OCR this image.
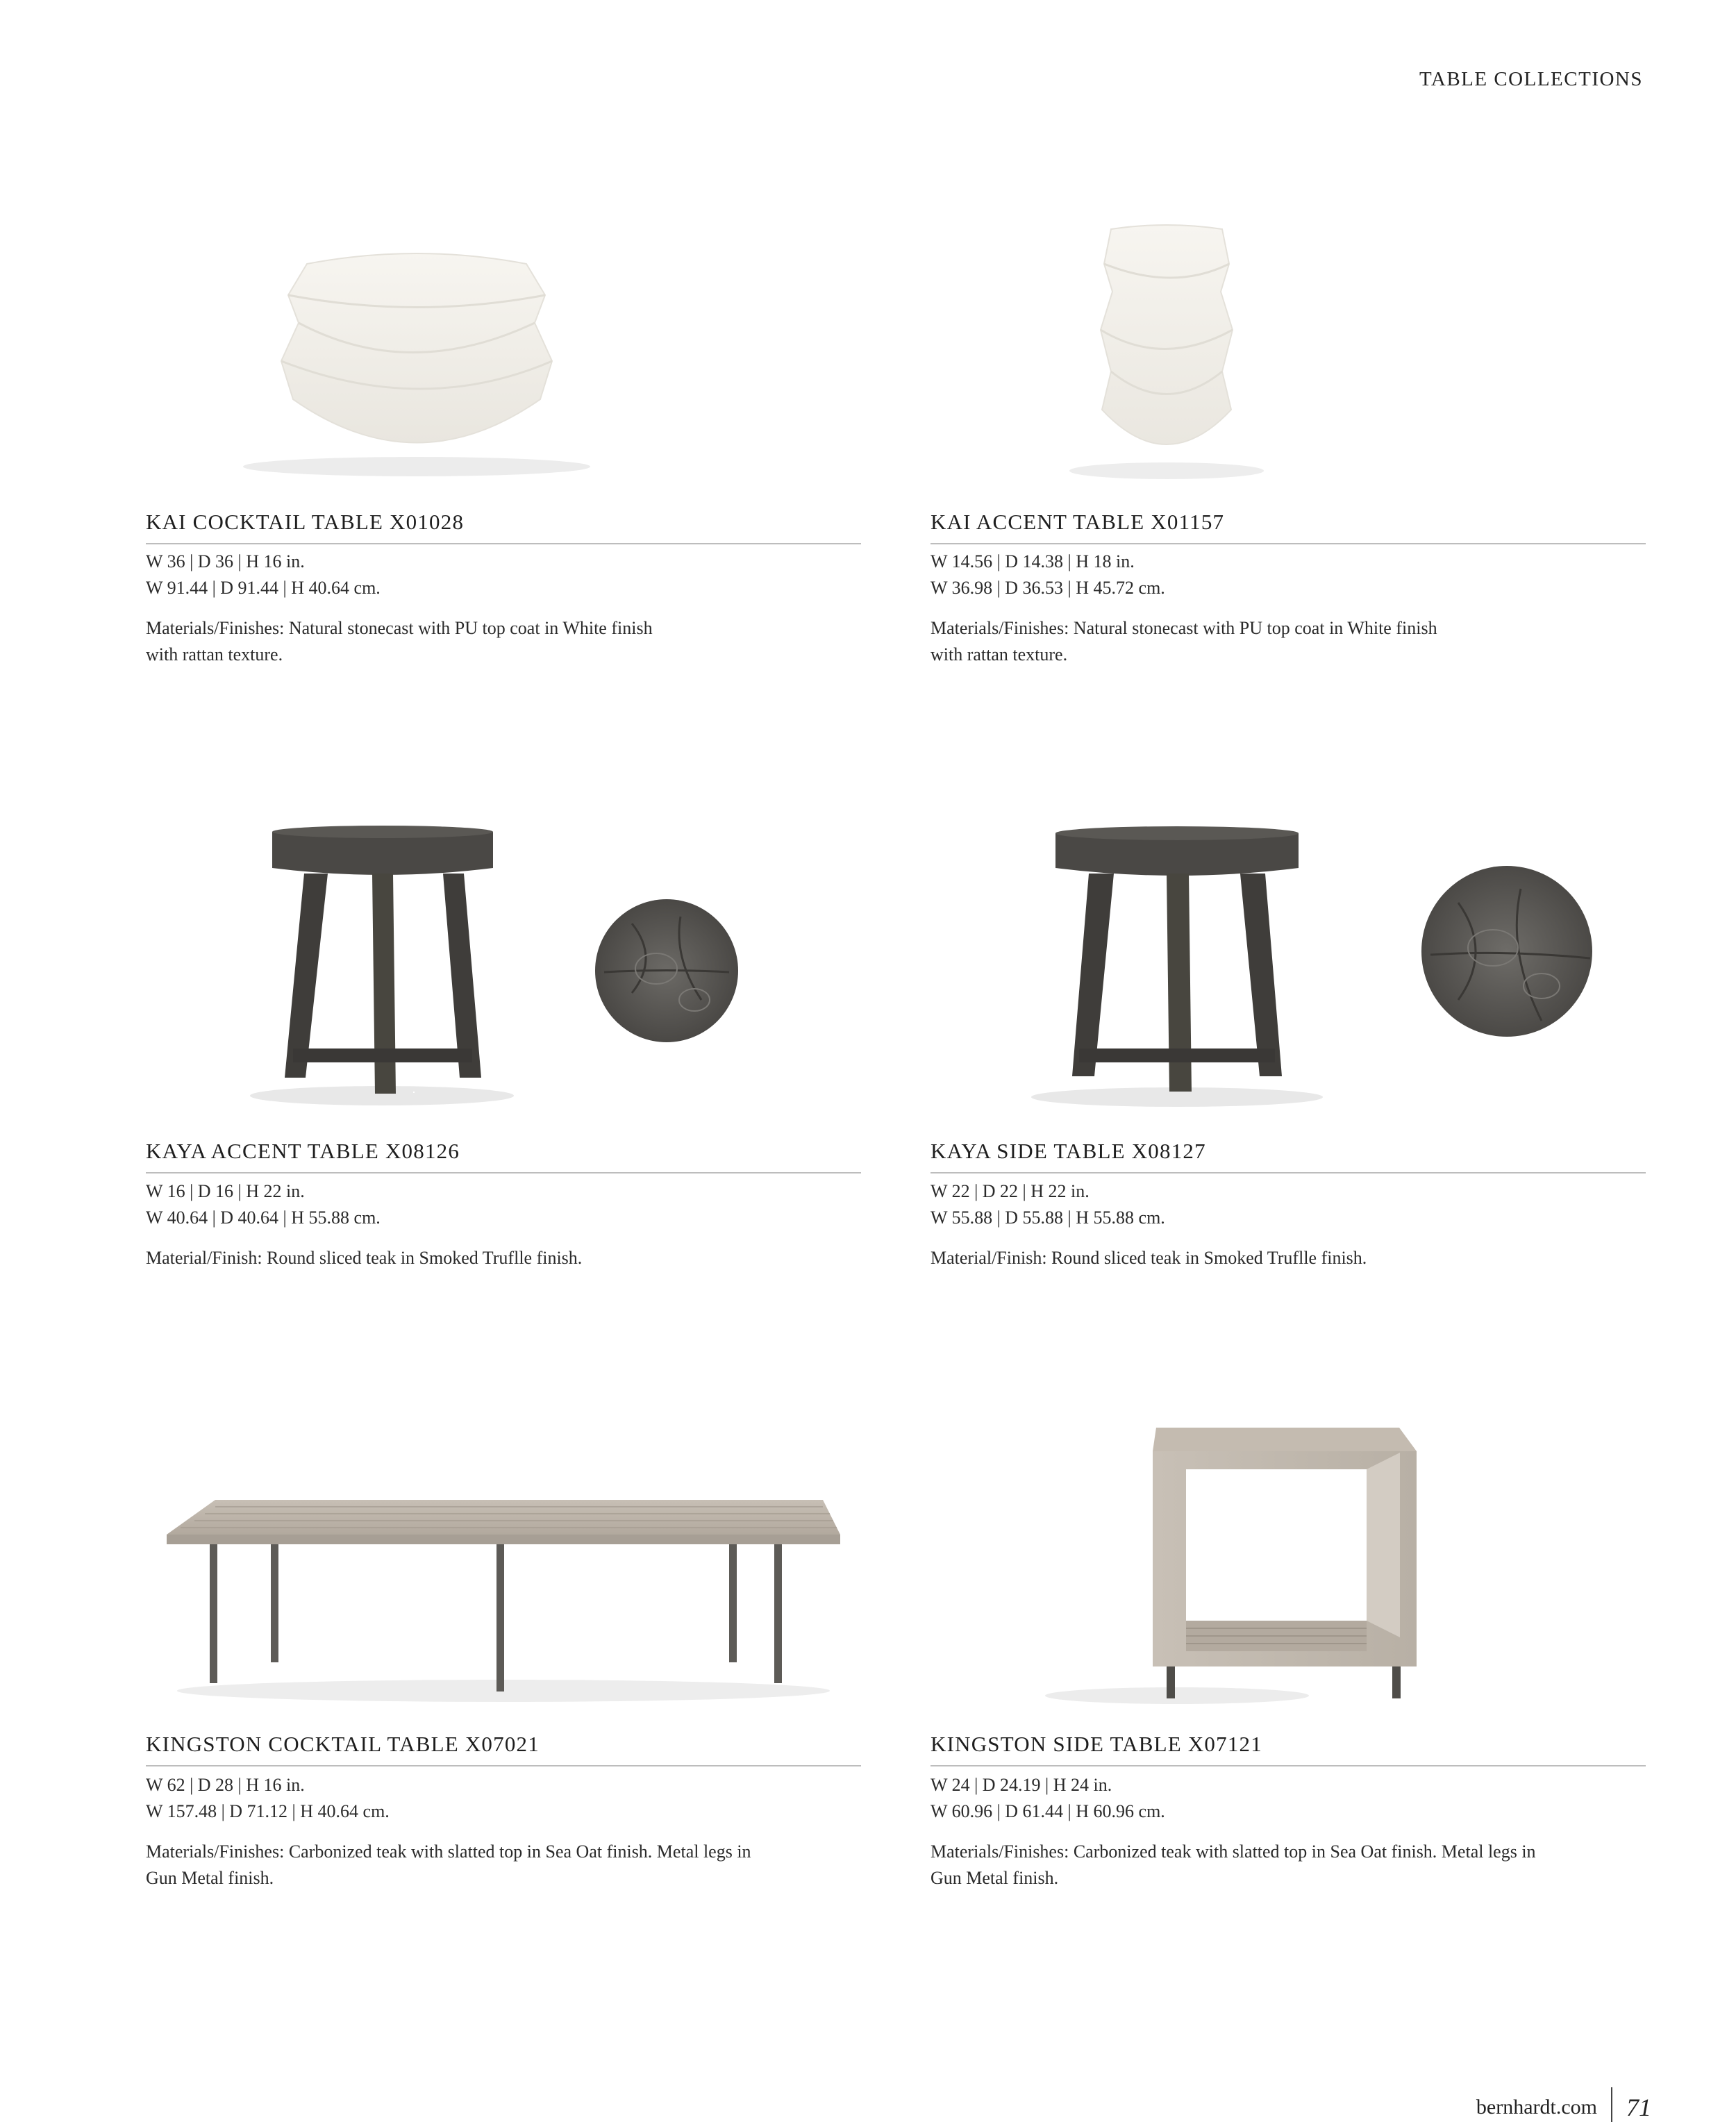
TABLE COLLECTIONS
KAI COCKTAIL TABLE X01028
W 36 | D 36 | H 16 in.
W 91.44 | D 91.44 | H 40.64 cm.
Materials/Finishes: Natural stonecast with PU top coat in White finish
with rattan texture.
KAI ACCENT TABLE X01157
W 14.56 | D 14.38 | H 18 in.
W 36.98 | D 36.53 | H 45.72 cm.
Materials/Finishes: Natural stonecast with PU top coat in White finish
with rattan texture.
KAYA ACCENT TABLE X08126
W 16 | D 16 | H 22 in.
W 40.64 | D 40.64 | H 55.88 cm.
Material/Finish: Round sliced teak in Smoked Truflle finish.
KAYA SIDE TABLE X08127
W 22 | D 22 | H 22 in.
W 55.88 | D 55.88 | H 55.88 cm.
Material/Finish: Round sliced teak in Smoked Truflle finish.
KINGSTON COCKTAIL TABLE X07021
W 62 | D 28 | H 16 in.
W 157.48 | D 71.12 | H 40.64 cm.
Materials/Finishes: Carbonized teak with slatted top in Sea Oat finish. Metal legs in
Gun Metal finish.
KINGSTON SIDE TABLE X07121
W 24 | D 24.19 | H 24 in.
W 60.96 | D 61.44 | H 60.96 cm.
Materials/Finishes: Carbonized teak with slatted top in Sea Oat finish. Metal legs in
Gun Metal finish.
bernhardt.com 71
